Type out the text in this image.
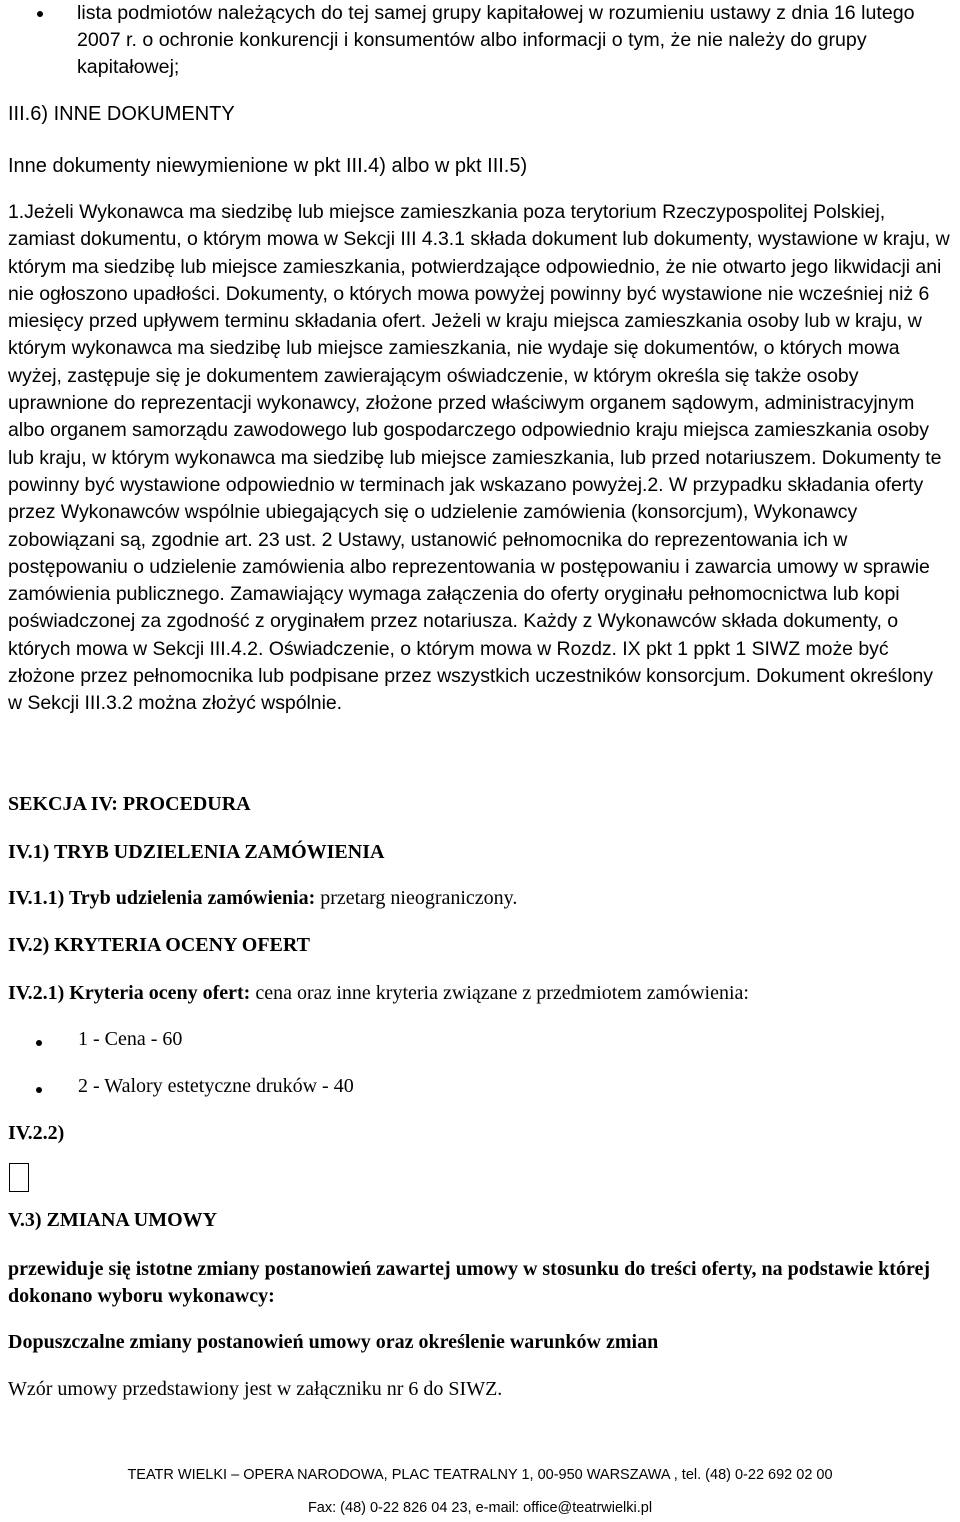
lista podmiotów należących do tej samej grupy kapitałowej w rozumieniu ustawy z dnia 16 lutego 2007 r. o ochronie konkurencji i konsumentów albo informacji o tym, że nie należy do grupy kapitałowej;
III.6) INNE DOKUMENTY
Inne dokumenty niewymienione w pkt III.4) albo w pkt III.5)

1.Jeżeli Wykonawca ma siedzibę lub miejsce zamieszkania poza terytorium Rzeczypospolitej Polskiej, zamiast dokumentu, o którym mowa w Sekcji III 4.3.1 składa dokument lub dokumenty, wystawione w kraju, w którym ma siedzibę lub miejsce zamieszkania, potwierdzające odpowiednio, że nie otwarto jego likwidacji ani nie ogłoszono upadłości. Dokumenty, o których mowa powyżej powinny być wystawione nie wcześniej niż 6 miesięcy przed upływem terminu składania ofert. Jeżeli w kraju miejsca zamieszkania osoby lub w kraju, w którym wykonawca ma siedzibę lub miejsce zamieszkania, nie wydaje się dokumentów, o których mowa wyżej, zastępuje się je dokumentem zawierającym oświadczenie, w którym określa się także osoby uprawnione do reprezentacji wykonawcy, złożone przed właściwym organem sądowym, administracyjnym albo organem samorządu zawodowego lub gospodarczego odpowiednio kraju miejsca zamieszkania osoby lub kraju, w którym wykonawca ma siedzibę lub miejsce zamieszkania, lub przed notariuszem. Dokumenty te powinny być wystawione odpowiednio w terminach jak wskazano powyżej.2. W przypadku składania oferty przez Wykonawców wspólnie ubiegających się o udzielenie zamówienia (konsorcjum), Wykonawcy zobowiązani są, zgodnie art. 23 ust. 2 Ustawy, ustanowić pełnomocnika do reprezentowania ich w postępowaniu o udzielenie zamówienia albo reprezentowania w postępowaniu i zawarcia umowy w sprawie zamówienia publicznego. Zamawiający wymaga załączenia do oferty oryginału pełnomocnictwa lub kopi poświadczonej za zgodność z oryginałem przez notariusza. Każdy z Wykonawców składa dokumenty, o których mowa w Sekcji III.4.2. Oświadczenie, o którym mowa w Rozdz. IX pkt 1 ppkt 1 SIWZ może być złożone przez pełnomocnika lub podpisane przez wszystkich uczestników konsorcjum. Dokument określony w Sekcji III.3.2 można złożyć wspólnie.

SEKCJA IV: PROCEDURA
IV.1) TRYB UDZIELENIA ZAMÓWIENIA
IV.1.1) Tryb udzielenia zamówienia: przetarg nieograniczony.
IV.2) KRYTERIA OCENY OFERT
IV.2.1) Kryteria oceny ofert: cena oraz inne kryteria związane z przedmiotem zamówienia:
1 - Cena - 60
2 - Walory estetyczne druków - 40
IV.2.2)
V.3) ZMIANA UMOWY

przewiduje się istotne zmiany postanowień zawartej umowy w stosunku do treści oferty, na podstawie której dokonano wyboru wykonawcy:

Dopuszczalne zmiany postanowień umowy oraz określenie warunków zmian
Wzór umowy przedstawiony jest w załączniku nr 6 do SIWZ.
TEATR WIELKI – OPERA NARODOWA, PLAC TEATRALNY 1, 00-950 WARSZAWA , tel. (48) 0-22 692 02 00
Fax: (48) 0-22 826 04 23, e-mail: office@teatrwielki.pl
